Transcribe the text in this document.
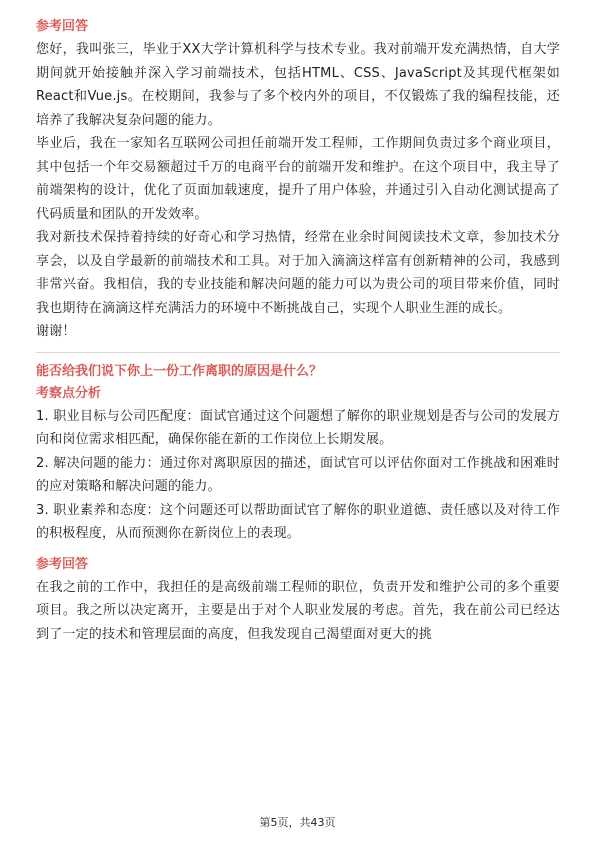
参考回答

您好，我叫张三，毕业于XX大学计算机科学与技术专业。我对前端开发充满热情，自大学期间就开始接触并深入学习前端技术，包括HTML、CSS、JavaScript及其现代框架如React和Vue.js。在校期间，我参与了多个校内外的项目，不仅锻炼了我的编程技能，还培养了我解决复杂问题的能力。

毕业后，我在一家知名互联网公司担任前端开发工程师，工作期间负责过多个商业项目，其中包括一个年交易额超过千万的电商平台的前端开发和维护。在这个项目中，我主导了前端架构的设计，优化了页面加载速度，提升了用户体验，并通过引入自动化测试提高了代码质量和团队的开发效率。

我对新技术保持着持续的好奇心和学习热情，经常在业余时间阅读技术文章，参加技术分享会，以及自学最新的前端技术和工具。对于加入滴滴这样富有创新精神的公司，我感到非常兴奋。我相信，我的专业技能和解决问题的能力可以为贵公司的项目带来价值，同时我也期待在滴滴这样充满活力的环境中不断挑战自己，实现个人职业生涯的成长。

谢谢！

能否给我们说下你上一份工作离职的原因是什么？

考察点分析

1. 职业目标与公司匹配度：面试官通过这个问题想了解你的职业规划是否与公司的发展方向和岗位需求相匹配，确保你能在新的工作岗位上长期发展。

2. 解决问题的能力：通过你对离职原因的描述，面试官可以评估你面对工作挑战和困难时的应对策略和解决问题的能力。

3. 职业素养和态度：这个问题还可以帮助面试官了解你的职业道德、责任感以及对待工作的积极程度，从而预测你在新岗位上的表现。

参考回答

在我之前的工作中，我担任的是高级前端工程师的职位，负责开发和维护公司的多个重要项目。我之所以决定离开，主要是出于对个人职业发展的考虑。首先，我在前公司已经达到了一定的技术和管理层面的高度，但我发现自己渴望面对更大的挑

第5页，共43页
